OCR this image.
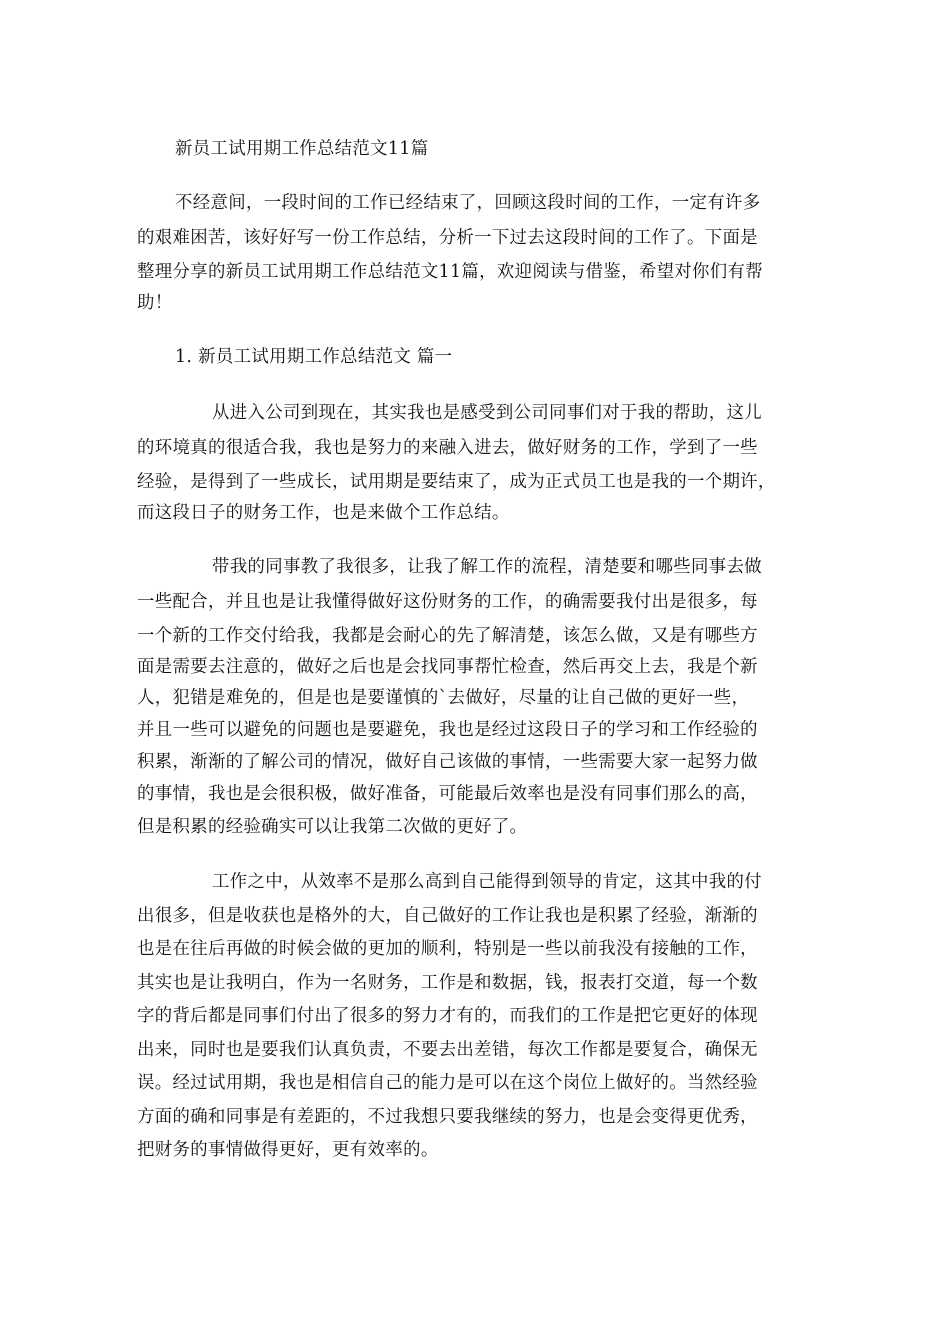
新员工试用期工作总结范文11篇
不经意间，一段时间的工作已经结束了，回顾这段时间的工作，一定有许多
的艰难困苦，该好好写一份工作总结，分析一下过去这段时间的工作了。下面是
整理分享的新员工试用期工作总结范文11篇，欢迎阅读与借鉴，希望对你们有帮
助！
1. 新员工试用期工作总结范文 篇一
从进入公司到现在，其实我也是感受到公司同事们对于我的帮助，这儿
的环境真的很适合我，我也是努力的来融入进去，做好财务的工作，学到了一些
经验，是得到了一些成长，试用期是要结束了，成为正式员工也是我的一个期许，
而这段日子的财务工作，也是来做个工作总结。
带我的同事教了我很多，让我了解工作的流程，清楚要和哪些同事去做
一些配合，并且也是让我懂得做好这份财务的工作，的确需要我付出是很多，每
一个新的工作交付给我，我都是会耐心的先了解清楚，该怎么做，又是有哪些方
面是需要去注意的，做好之后也是会找同事帮忙检查，然后再交上去，我是个新
人，犯错是难免的，但是也是要谨慎的`去做好，尽量的让自己做的更好一些，
并且一些可以避免的问题也是要避免，我也是经过这段日子的学习和工作经验的
积累，渐渐的了解公司的情况，做好自己该做的事情，一些需要大家一起努力做
的事情，我也是会很积极，做好准备，可能最后效率也是没有同事们那么的高，
但是积累的经验确实可以让我第二次做的更好了。
工作之中，从效率不是那么高到自己能得到领导的肯定，这其中我的付
出很多，但是收获也是格外的大，自己做好的工作让我也是积累了经验，渐渐的
也是在往后再做的时候会做的更加的顺利，特别是一些以前我没有接触的工作，
其实也是让我明白，作为一名财务，工作是和数据，钱，报表打交道，每一个数
字的背后都是同事们付出了很多的努力才有的，而我们的工作是把它更好的体现
出来，同时也是要我们认真负责，不要去出差错，每次工作都是要复合，确保无
误。经过试用期，我也是相信自己的能力是可以在这个岗位上做好的。当然经验
方面的确和同事是有差距的，不过我想只要我继续的努力，也是会变得更优秀，
把财务的事情做得更好，更有效率的。
